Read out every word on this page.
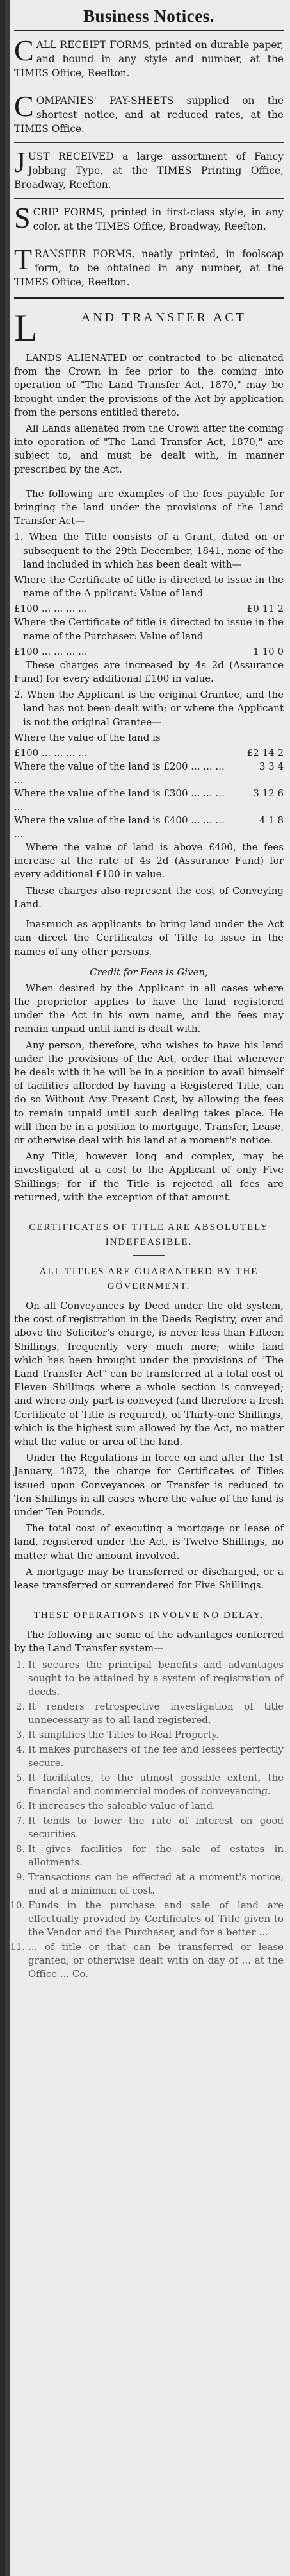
Business Notices.
C ALL RECEIPT FORMS, printed on durable paper, and bound in any style and number, at the TIMES Office, Reefton.
C OMPANIES' PAY-SHEETS supplied on the shortest notice, and at reduced rates, at the TIMES Office.
J UST RECEIVED a large assortment of Fancy Jobbing Type, at the TIMES Printing Office, Broadway, Reefton.
S CRIP FORMS, printed in first-class style, in any color, at the TIMES Office, Broadway, Reefton.
T RANSFER FORMS, neatly printed, in foolscap form, to be obtained in any number, at the TIMES Office, Reefton.
L	AND TRANSFER ACT

LANDS ALIENATED or contracted to be alienated from the Crown in fee prior to the coming into operation of "The Land Transfer Act, 1870," may be brought under the provisions of the Act by application from the persons entitled thereto.

All Lands alienated from the Crown after the coming into operation of "The Land Transfer Act, 1870," are subject to, and must be dealt with, in manner prescribed by the Act.

The following are examples of the fees payable for bringing the land under the provisions of the Land Transfer Act—

1. When the Title consists of a Grant, dated on or subsequent to the 29th December, 1841, none of the land included in which has been dealt with—

Where the Certificate of title is directed to issue in the name of the A pplicant: Value of land

£100 ... ... ... ...	£0 11 2

Where the Certificate of title is directed to issue in the name of the Purchaser: Value of land

£100 ... ... ... ...	1 10 0

These charges are increased by 4s 2d (Assurance Fund) for every additional £100 in value.

2. When the Applicant is the original Grantee, and the land has not been dealt with; or where the Applicant is not the original Grantee—

Where the value of the land is

£100 ... ... ... ...	£2 14 2
Where the value of the land is £200 ... ... ... ...
3 3 4
Where the value of the land is £300 ... ... ... ...
3 12 6
Where the value of the land is £400 ... ... ... ...
4 1 8

Where the value of land is above £400, the fees increase at the rate of 4s 2d (Assurance Fund) for every additional £100 in value.

These charges also represent the cost of Conveying Land.

Inasmuch as applicants to bring land under the Act can direct the Certificates of Title to issue in the names of any other persons.

Credit for Fees is Given,

When desired by the Applicant in all cases where the proprietor applies to have the land registered under the Act in his own name, and the fees may remain unpaid until land is dealt with.

Any person, therefore, who wishes to have his land under the provisions of the Act, order that wherever he deals with it he will be in a position to avail himself of facilities afforded by having a Registered Title, can do so Without Any Present Cost, by allowing the fees to remain unpaid until such dealing takes place. He will then be in a position to mortgage, Transfer, Lease, or otherwise deal with his land at a moment's notice.

Any Title, however long and complex, may be investigated at a cost to the Applicant of only Five Shillings; for if the Title is rejected all fees are returned, with the exception of that amount.

CERTIFICATES OF TITLE ARE ABSOLUTELY INDEFEASIBLE.
ALL TITLES ARE GUARANTEED BY THE GOVERNMENT.

On all Conveyances by Deed under the old system, the cost of registration in the Deeds Registry, over and above the Solicitor's charge, is never less than Fifteen Shillings, frequently very much more; while land which has been brought under the provisions of "The Land Transfer Act" can be transferred at a total cost of Eleven Shillings where a whole section is conveyed; and where only part is conveyed (and therefore a fresh Certificate of Title is required), of Thirty-one Shillings, which is the highest sum allowed by the Act, no matter what the value or area of the land.

Under the Regulations in force on and after the 1st January, 1872, the charge for Certificates of Titles issued upon Conveyances or Transfer is reduced to Ten Shillings in all cases where the value of the land is under Ten Pounds.

The total cost of executing a mortgage or lease of land, registered under the Act, is Twelve Shillings, no matter what the amount involved.

A mortgage may be transferred or discharged, or a lease transferred or surrendered for Five Shillings.

THESE OPERATIONS INVOLVE NO DELAY.

The following are some of the advantages conferred by the Land Transfer system—

1. It secures the principal benefits and advantages sought to be attained by a system of registration of deeds.
2. It renders retrospective investigation of title unnecessary as to all land registered.
3. It simplifies the Titles to Real Property.
4. It makes purchasers of the fee and lessees perfectly secure.
5. It facilitates, to the utmost possible extent, the financial and commercial modes of conveyancing.
6. It increases the saleable value of land.
7. It tends to lower the rate of interest on good securities.
8. It gives facilities for the sale of estates in allotments.
9. Transactions can be effected at a moment's notice, and at a minimum of cost.
10. Funds in the purchase and sale of land are effectually provided by Certificates of Title given to the Vendor and the Purchaser, and for a better ...
11. ... of title or that can be transferred or lease granted, or otherwise dealt with on day of ... at the Office ... Co.
